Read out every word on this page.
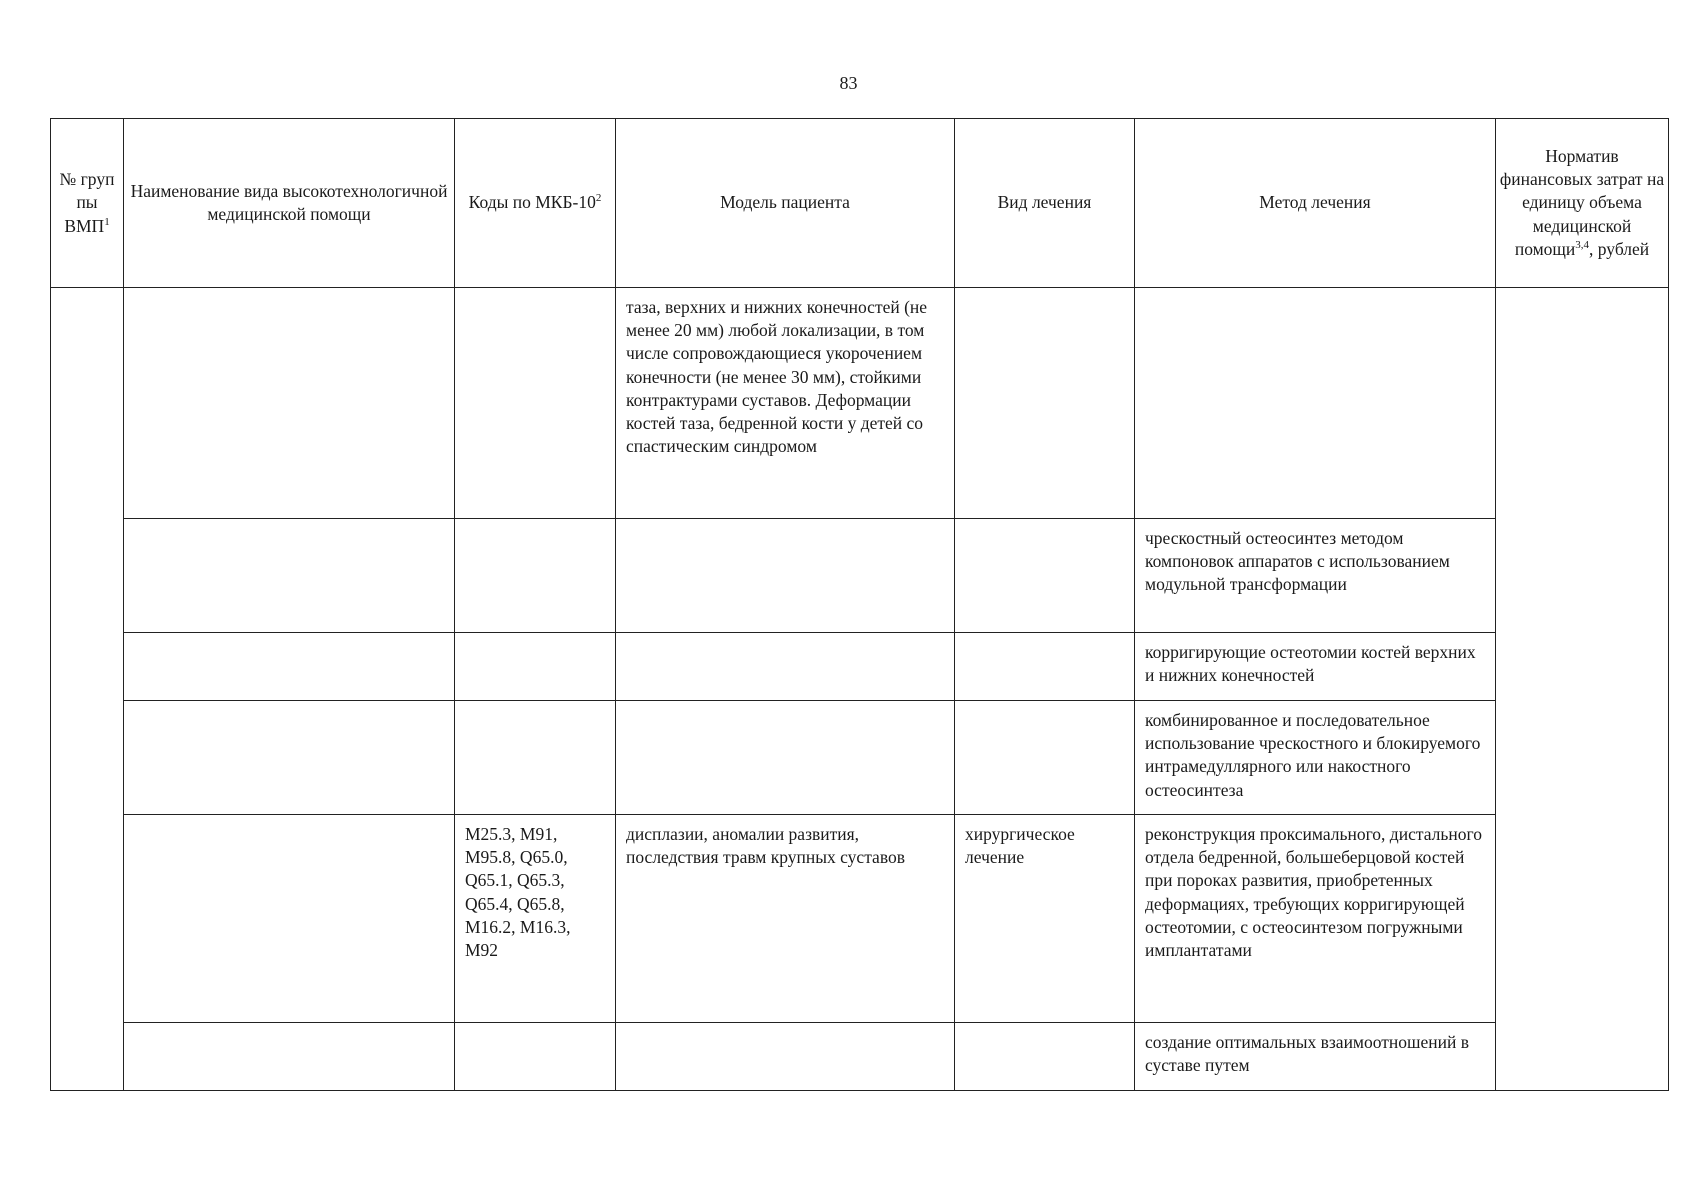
83
№ груп пы ВМП$^1$	Наименование вида высокотехнологичной медицинской помощи	Коды по МКБ-$10^2$	Модель пациента	Вид лечения	Метод лечения	Норматив финансовых затрат на единицу объема медицинской помощи$^{3,4}$, рублей

			таза, верхних и нижних конечностей (не менее 20 мм) любой локализации, в том числе сопровождающиеся укорочением конечности (не менее 30 мм), стойкими контрактурами суставов. Деформации костей таза, бедренной кости у детей со спастическим синдромом			

					чрескостный остеосинтез методом компоновок аппаратов с использованием модульной трансформации	

					корригирующие остеотомии костей верхних и нижних конечностей	

					комбинированное и последовательное использование чрескостного и блокируемого интрамедуллярного или накостного остеосинтеза	

		M25.3, M91, M95.8, Q65.0, Q65.1, Q65.3, Q65.4, Q65.8, M16.2, M16.3, M92	дисплазии, аномалии развития, последствия травм крупных суставов	хирургическое лечение	реконструкция проксимального, дистального отдела бедренной, большеберцовой костей при пороках развития, приобретенных деформациях, требующих корригирующей остеотомии, с остеосинтезом погружными имплантатами	

					создание оптимальных взаимоотношений в суставе путем	
